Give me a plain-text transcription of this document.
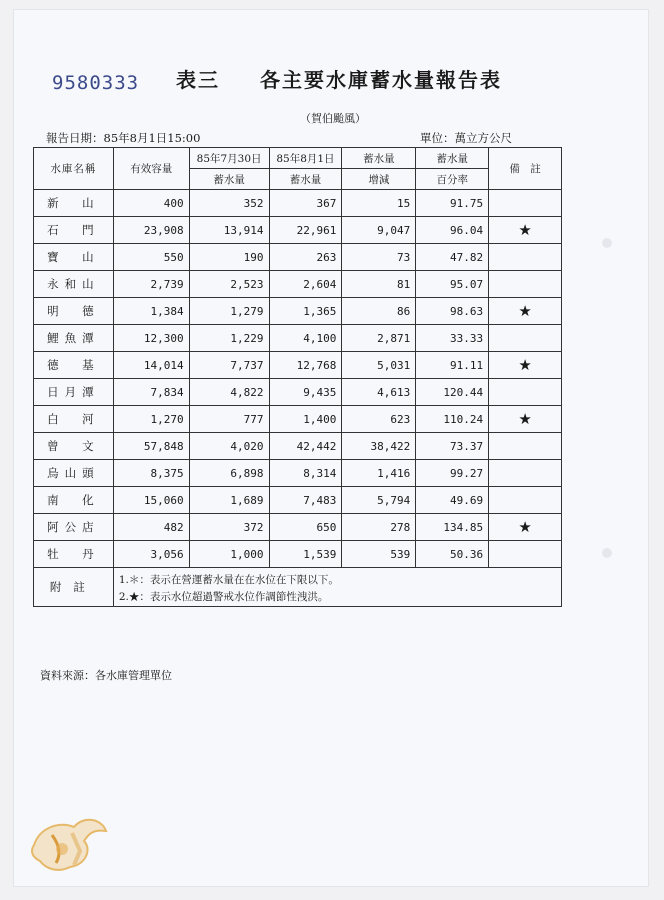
9580333 表三 各主要水庫蓄水量報告表
（賀伯颱風）
報告日期：85年8月1日15:00	單位：萬立方公尺
水庫名稱	有效容量	85年7月30日	85年8月1日	蓄水量	蓄水量	備　註
		蓄水量	蓄水量	增減	百分率	
新　山	400	352	367	15	91.75	
石　門	23,908	13,914	22,961	9,047	96.04	★
寶　山	550	190	263	73	47.82	
永和山	2,739	2,523	2,604	81	95.07	
明　德	1,384	1,279	1,365	86	98.63	★
鯉魚潭	12,300	1,229	4,100	2,871	33.33	
德　基	14,014	7,737	12,768	5,031	91.11	★
日月潭	7,834	4,822	9,435	4,613	120.44	
白　河	1,270	777	1,400	623	110.24	★
曾　文	57,848	4,020	42,442	38,422	73.37	
烏山頭	8,375	6,898	8,314	1,416	99.27	
南　化	15,060	1,689	7,483	5,794	49.69	
阿公店	482	372	650	278	134.85	★
牡　丹	3,056	1,000	1,539	539	50.36	
附註	1.＊：表示在營運蓄水量在在水位在下限以下。
2.★：表示水位超過警戒水位作調節性洩洪。					
資料來源：各水庫管理單位
